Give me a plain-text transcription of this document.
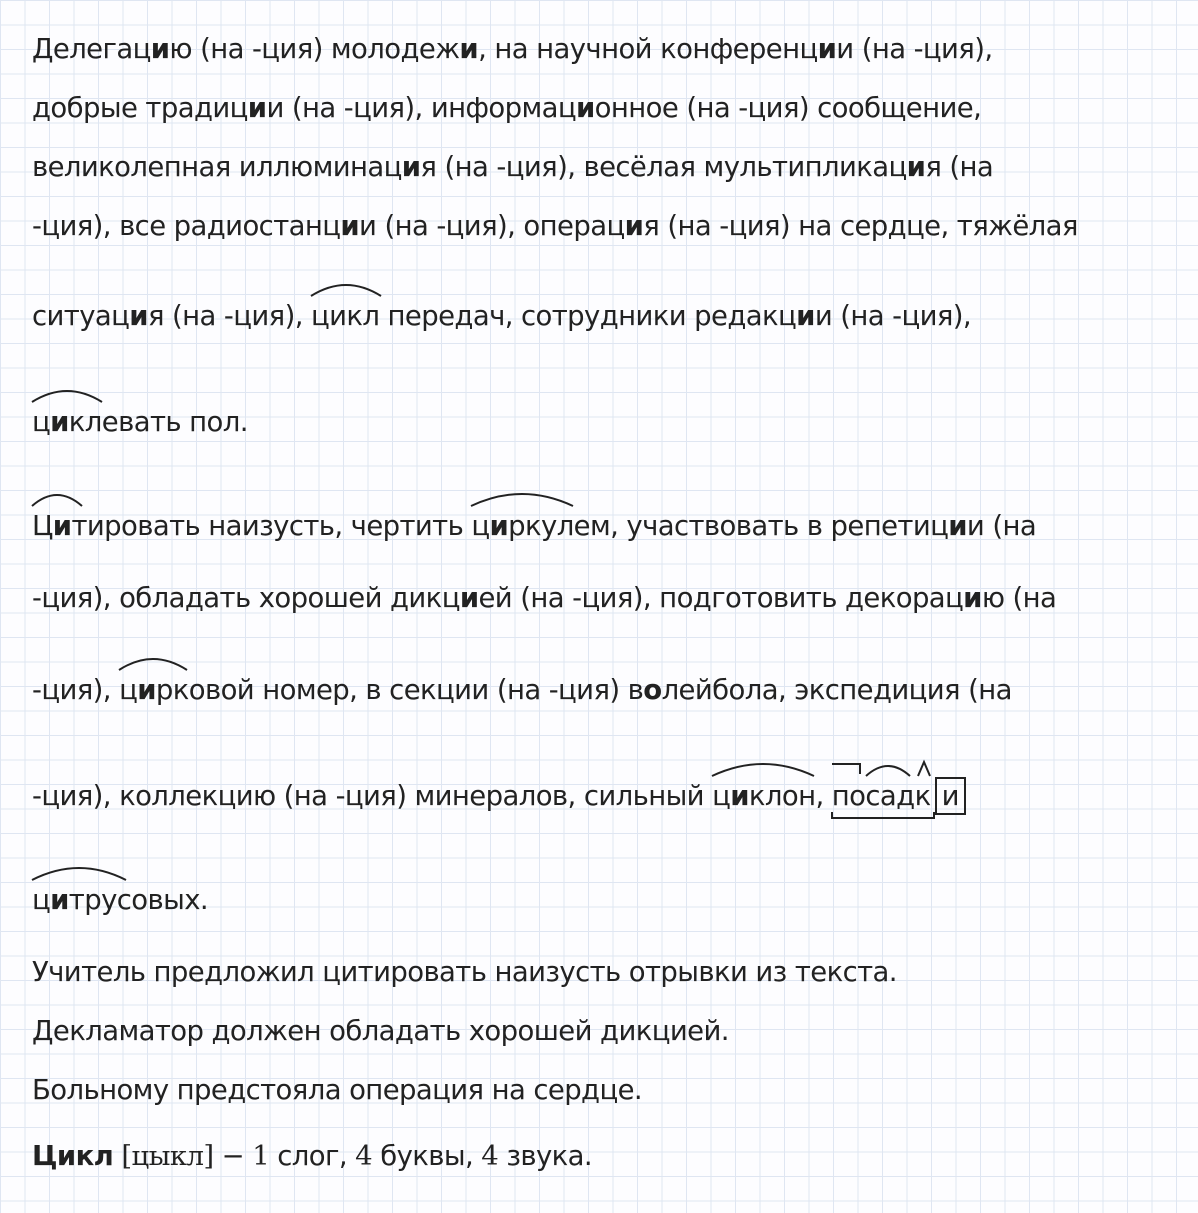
Делегацию (на -ция) молодежи, на научной конференции (на -ция),
добрые традиции (на -ция), информационное (на -ция) сообщение,
великолепная иллюминация (на -ция), весёлая мультипликация (на
-ция), все радиостанции (на -ция), операция (на -ция) на сердце, тяжёлая
ситуация (на -ция),
цикл передач, сотрудники редакции (на -ция),
циклевать пол.
Цитировать наизусть, чертить
циркулем, участвовать в репетиции (на
-ция), обладать хорошей дикцией (на -ция), подготовить декорацию (на
-ция),
цирковой номер, в секции (на -ция) волейбола, экспедиция (на
-ция), коллекцию (на -ция) минералов, сильный
циклон,
посадк и
цитрусовых.
Учитель предложил цитировать наизусть отрывки из текста.
Декламатор должен обладать хорошей дикцией.
Больному предстояла операция на сердце.
Цикл [цыкл] − 1 слог, 4 буквы, 4 звука.
